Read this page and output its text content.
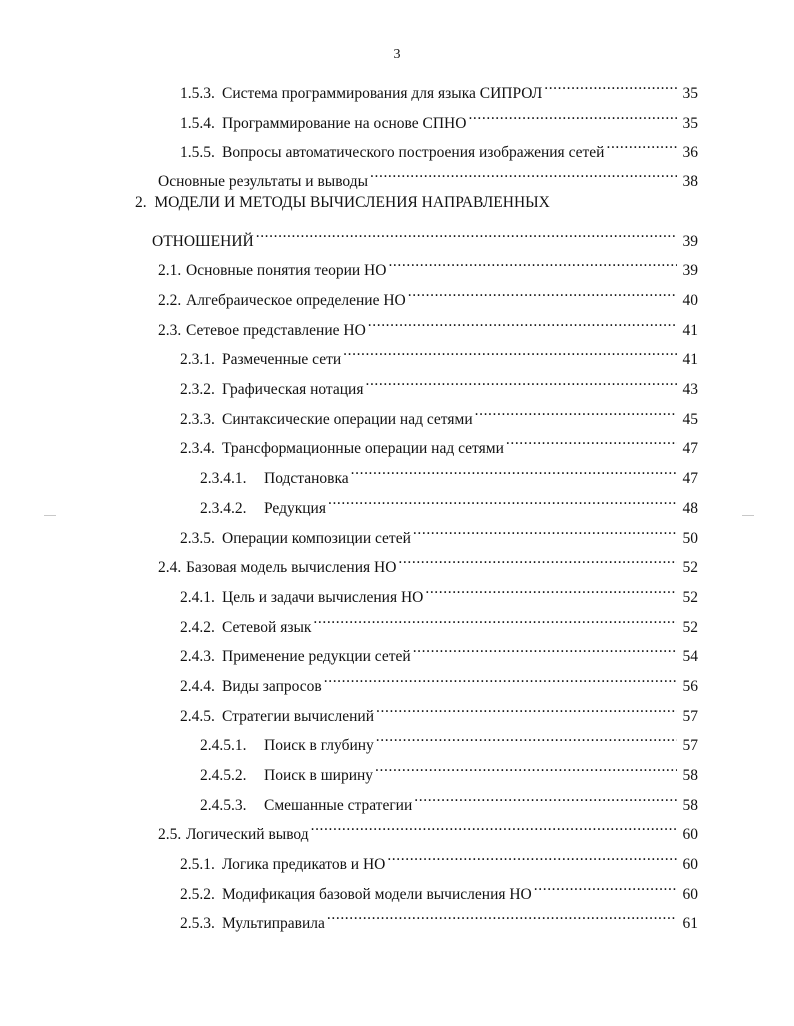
3
1.5.3. Система программирования для языка СИПРОЛ .....	35
1.5.4. Программирование на основе СПНО .....	35
1.5.5. Вопросы автоматического построения изображения сетей .....	36
Основные результаты и выводы .....	38
2. МОДЕЛИ И МЕТОДЫ ВЫЧИСЛЕНИЯ НАПРАВЛЕННЫХ
ОТНОШЕНИЙ .....	39
2.1. Основные понятия теории НО .....	39
2.2. Алгебраическое определение НО .....	40
2.3. Сетевое представление НО .....	41
2.3.1. Размеченные сети .....	41
2.3.2. Графическая нотация .....	43
2.3.3. Синтаксические операции над сетями .....	45
2.3.4. Трансформационные операции над сетями .....	47
2.3.4.1.	Подстановка .....	47
2.3.4.2.	Редукция .....	48
2.3.5. Операции композиции сетей .....	50
2.4. Базовая модель вычисления НО .....	52
2.4.1. Цель и задачи вычисления НО .....	52
2.4.2. Сетевой язык .....	52
2.4.3. Применение редукции сетей .....	54
2.4.4. Виды запросов .....	56
2.4.5. Стратегии вычислений .....	57
2.4.5.1.	Поиск в глубину .....	57
2.4.5.2.	Поиск в ширину .....	58
2.4.5.3.	Смешанные стратегии .....	58
2.5. Логический вывод .....	60
2.5.1. Логика предикатов и НО .....	60
2.5.2. Модификация базовой модели вычисления НО .....	60
2.5.3. Мультиправила .....	61
